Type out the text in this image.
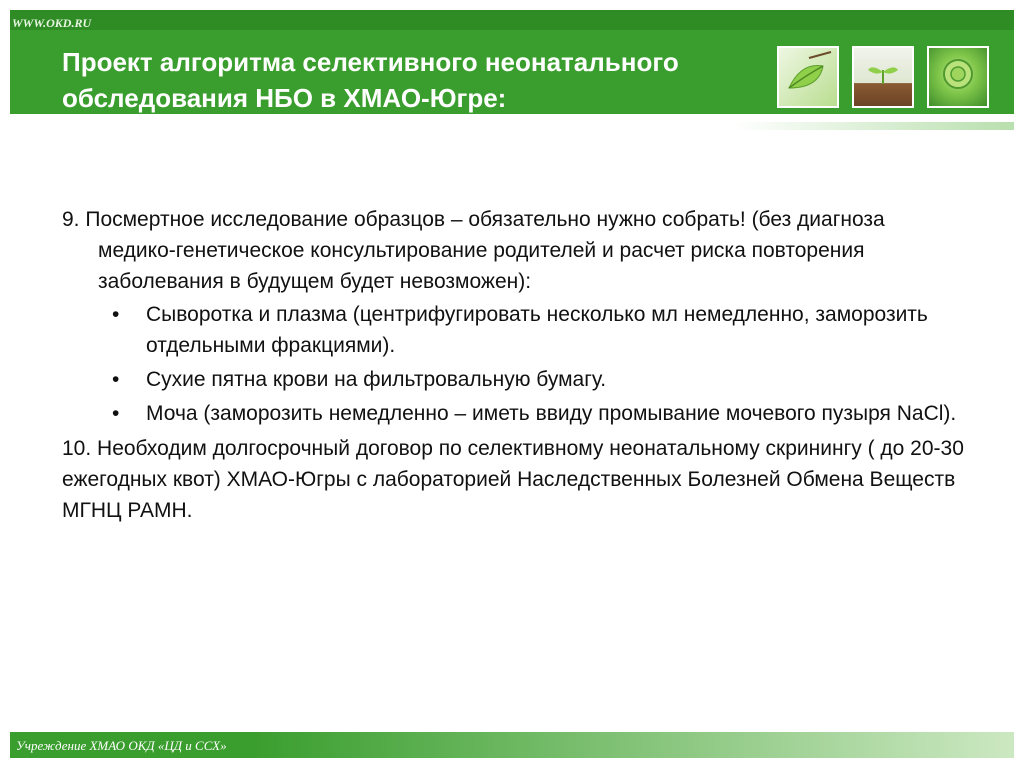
WWW.OKD.RU
Проект алгоритма селективного неонатального обследования НБО в ХМАО-Югре:

9. Посмертное исследование образцов – обязательно нужно собрать! (без диагноза медико-генетическое консультирование родителей и расчет риска повторения заболевания в будущем будет невозможен):

• Сыворотка и плазма (центрифугировать несколько мл немедленно, заморозить отдельными фракциями).
• Сухие пятна крови на фильтровальную бумагу.
• Моча (заморозить немедленно – иметь ввиду промывание мочевого пузыря NaCl).

10. Необходим долгосрочный договор по селективному неонатальному скринингу ( до 20-30 ежегодных квот) ХМАО-Югры с лабораторией Наследственных Болезней Обмена Веществ МГНЦ РАМН.

Учреждение ХМАО ОКД «ЦД и ССХ»
